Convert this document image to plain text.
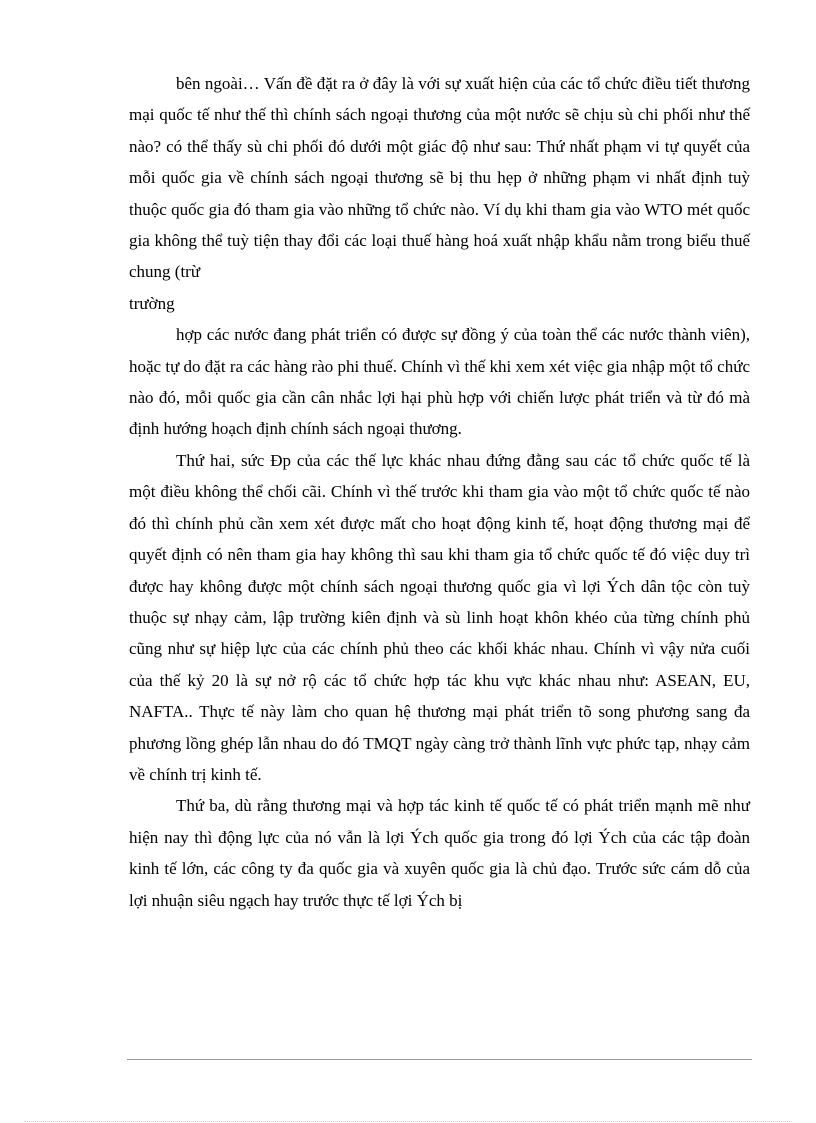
bên ngoài… Vấn đề đặt ra ở đây là với sự xuất hiện của các tổ chức điều tiết thương mại quốc tế như thế thì chính sách ngoại thương của một nước sẽ chịu sù chi phối như thế nào? có thể thấy sù chi phối đó dưới một giác độ như sau: Thứ nhất phạm vi tự quyết của mỗi quốc gia về chính sách ngoại thương sẽ bị thu hẹp ở những phạm vi nhất định tuỳ thuộc quốc gia đó tham gia vào những tổ chức nào. Ví dụ khi tham gia vào WTO mét quốc gia không thể tuỳ tiện thay đổi các loại thuế hàng hoá xuất nhập khẩu nằm trong biểu thuế chung (trừ

trường

hợp các nước đang phát triển có được sự đồng ý của toàn thể các nước thành viên), hoặc tự do đặt ra các hàng rào phi thuế. Chính vì thế khi xem xét việc gia nhập một tổ chức nào đó, mỗi quốc gia cần cân nhắc lợi hại phù hợp với chiến lược phát triển và từ đó mà định hướng hoạch định chính sách ngoại thương.

Thứ hai, sức Ðp của các thế lực khác nhau đứng đằng sau các tổ chức quốc tế là một điều không thể chối cãi. Chính vì thế trước khi tham gia vào một tổ chức quốc tế nào đó thì chính phủ cần xem xét được mất cho hoạt động kinh tế, hoạt động thương mại để quyết định có nên tham gia hay không thì sau khi tham gia tổ chức quốc tế đó việc duy trì được hay không được một chính sách ngoại thương quốc gia vì lợi Ých dân tộc còn tuỳ thuộc sự nhạy cảm, lập trường kiên định và sù linh hoạt khôn khéo của từng chính phủ cũng như sự hiệp lực của các chính phủ theo các khối khác nhau. Chính vì vậy nửa cuối của thế kỷ 20 là sự nở rộ các tổ chức hợp tác khu vực khác nhau như: ASEAN, EU, NAFTA.. Thực tế này làm cho quan hệ thương mại phát triển tõ song phương sang đa phương lồng ghép lẫn nhau do đó TMQT ngày càng trở thành lĩnh vực phức tạp, nhạy cảm về chính trị kinh tế.

Thứ ba, dù rằng thương mại và hợp tác kinh tế quốc tế có phát triển mạnh mẽ như hiện nay thì động lực của nó vẫn là lợi Ých quốc gia trong đó lợi Ých của các tập đoàn kinh tế lớn, các công ty đa quốc gia và xuyên quốc gia là chủ đạo. Trước sức cám dỗ của lợi nhuận siêu ngạch hay trước thực tế lợi Ých bị
